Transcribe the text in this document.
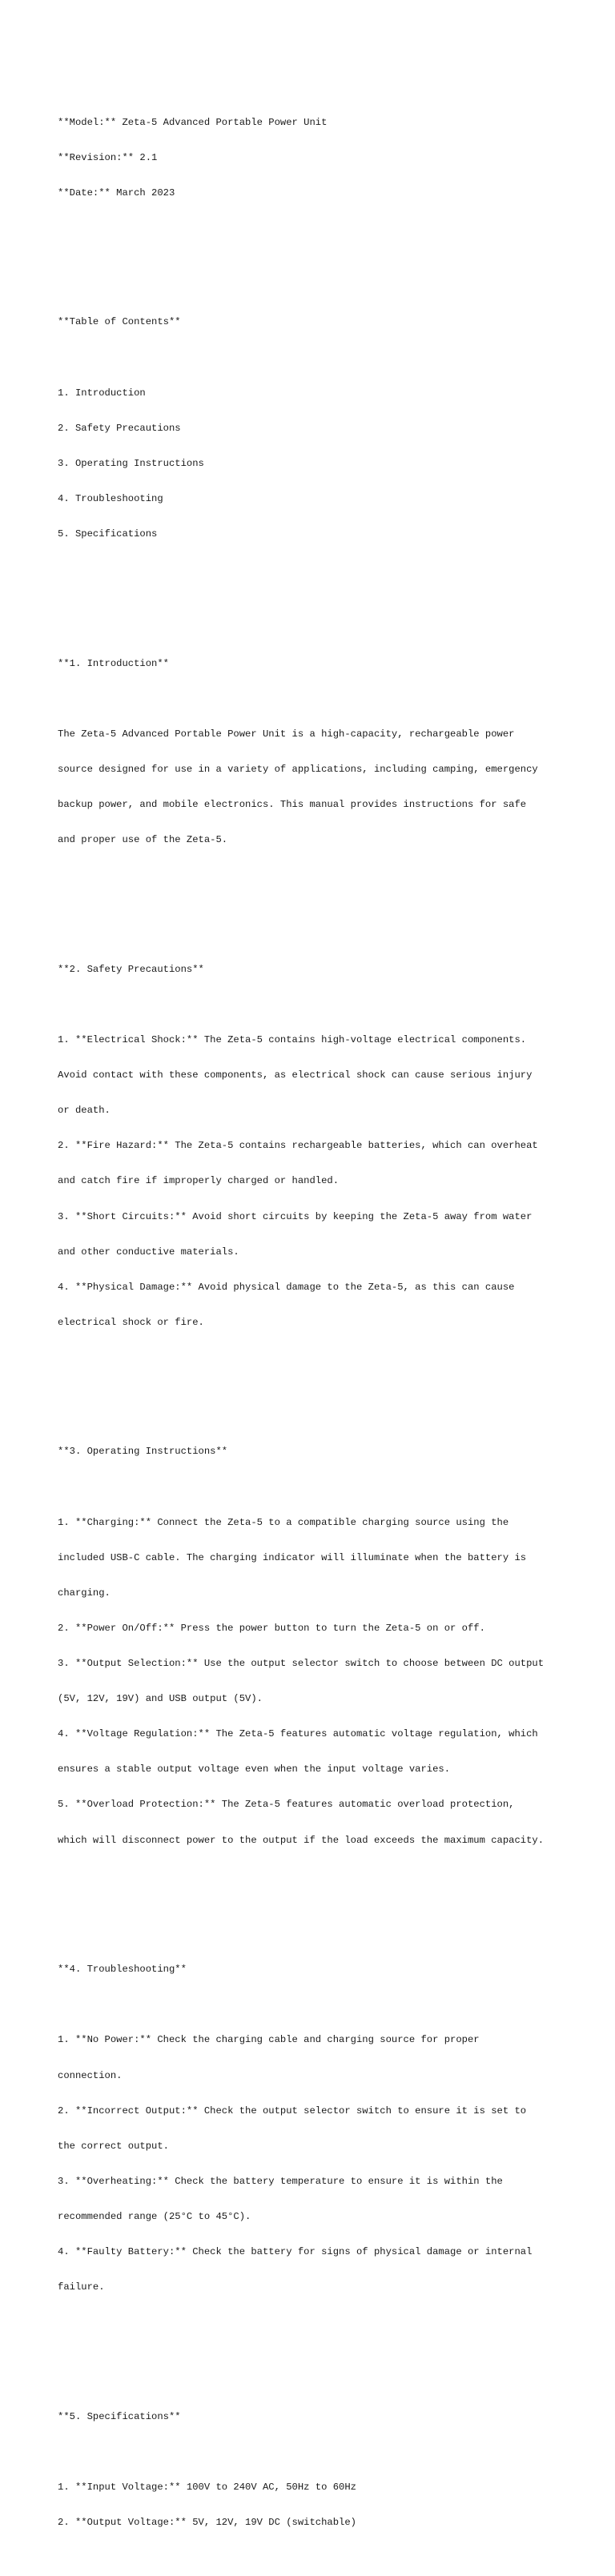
**Model:** Zeta-5 Advanced Portable Power Unit

**Revision:** 2.1

**Date:** March 2023

**Table of Contents**

1. Introduction

2. Safety Precautions

3. Operating Instructions

4. Troubleshooting

5. Specifications

**1. Introduction**

The Zeta-5 Advanced Portable Power Unit is a high-capacity, rechargeable power

source designed for use in a variety of applications, including camping, emergency

backup power, and mobile electronics. This manual provides instructions for safe

and proper use of the Zeta-5.

**2. Safety Precautions**

1. **Electrical Shock:** The Zeta-5 contains high-voltage electrical components.

Avoid contact with these components, as electrical shock can cause serious injury

or death.

2. **Fire Hazard:** The Zeta-5 contains rechargeable batteries, which can overheat

and catch fire if improperly charged or handled.

3. **Short Circuits:** Avoid short circuits by keeping the Zeta-5 away from water

and other conductive materials.

4. **Physical Damage:** Avoid physical damage to the Zeta-5, as this can cause

electrical shock or fire.

**3. Operating Instructions**

1. **Charging:** Connect the Zeta-5 to a compatible charging source using the

included USB-C cable. The charging indicator will illuminate when the battery is

charging.

2. **Power On/Off:** Press the power button to turn the Zeta-5 on or off.

3. **Output Selection:** Use the output selector switch to choose between DC output

(5V, 12V, 19V) and USB output (5V).

4. **Voltage Regulation:** The Zeta-5 features automatic voltage regulation, which

ensures a stable output voltage even when the input voltage varies.

5. **Overload Protection:** The Zeta-5 features automatic overload protection,

which will disconnect power to the output if the load exceeds the maximum capacity.

**4. Troubleshooting**

1. **No Power:** Check the charging cable and charging source for proper

connection.

2. **Incorrect Output:** Check the output selector switch to ensure it is set to

the correct output.

3. **Overheating:** Check the battery temperature to ensure it is within the

recommended range (25°C to 45°C).

4. **Faulty Battery:** Check the battery for signs of physical damage or internal

failure.

**5. Specifications**

1. **Input Voltage:** 100V to 240V AC, 50Hz to 60Hz

2. **Output Voltage:** 5V, 12V, 19V DC (switchable)
